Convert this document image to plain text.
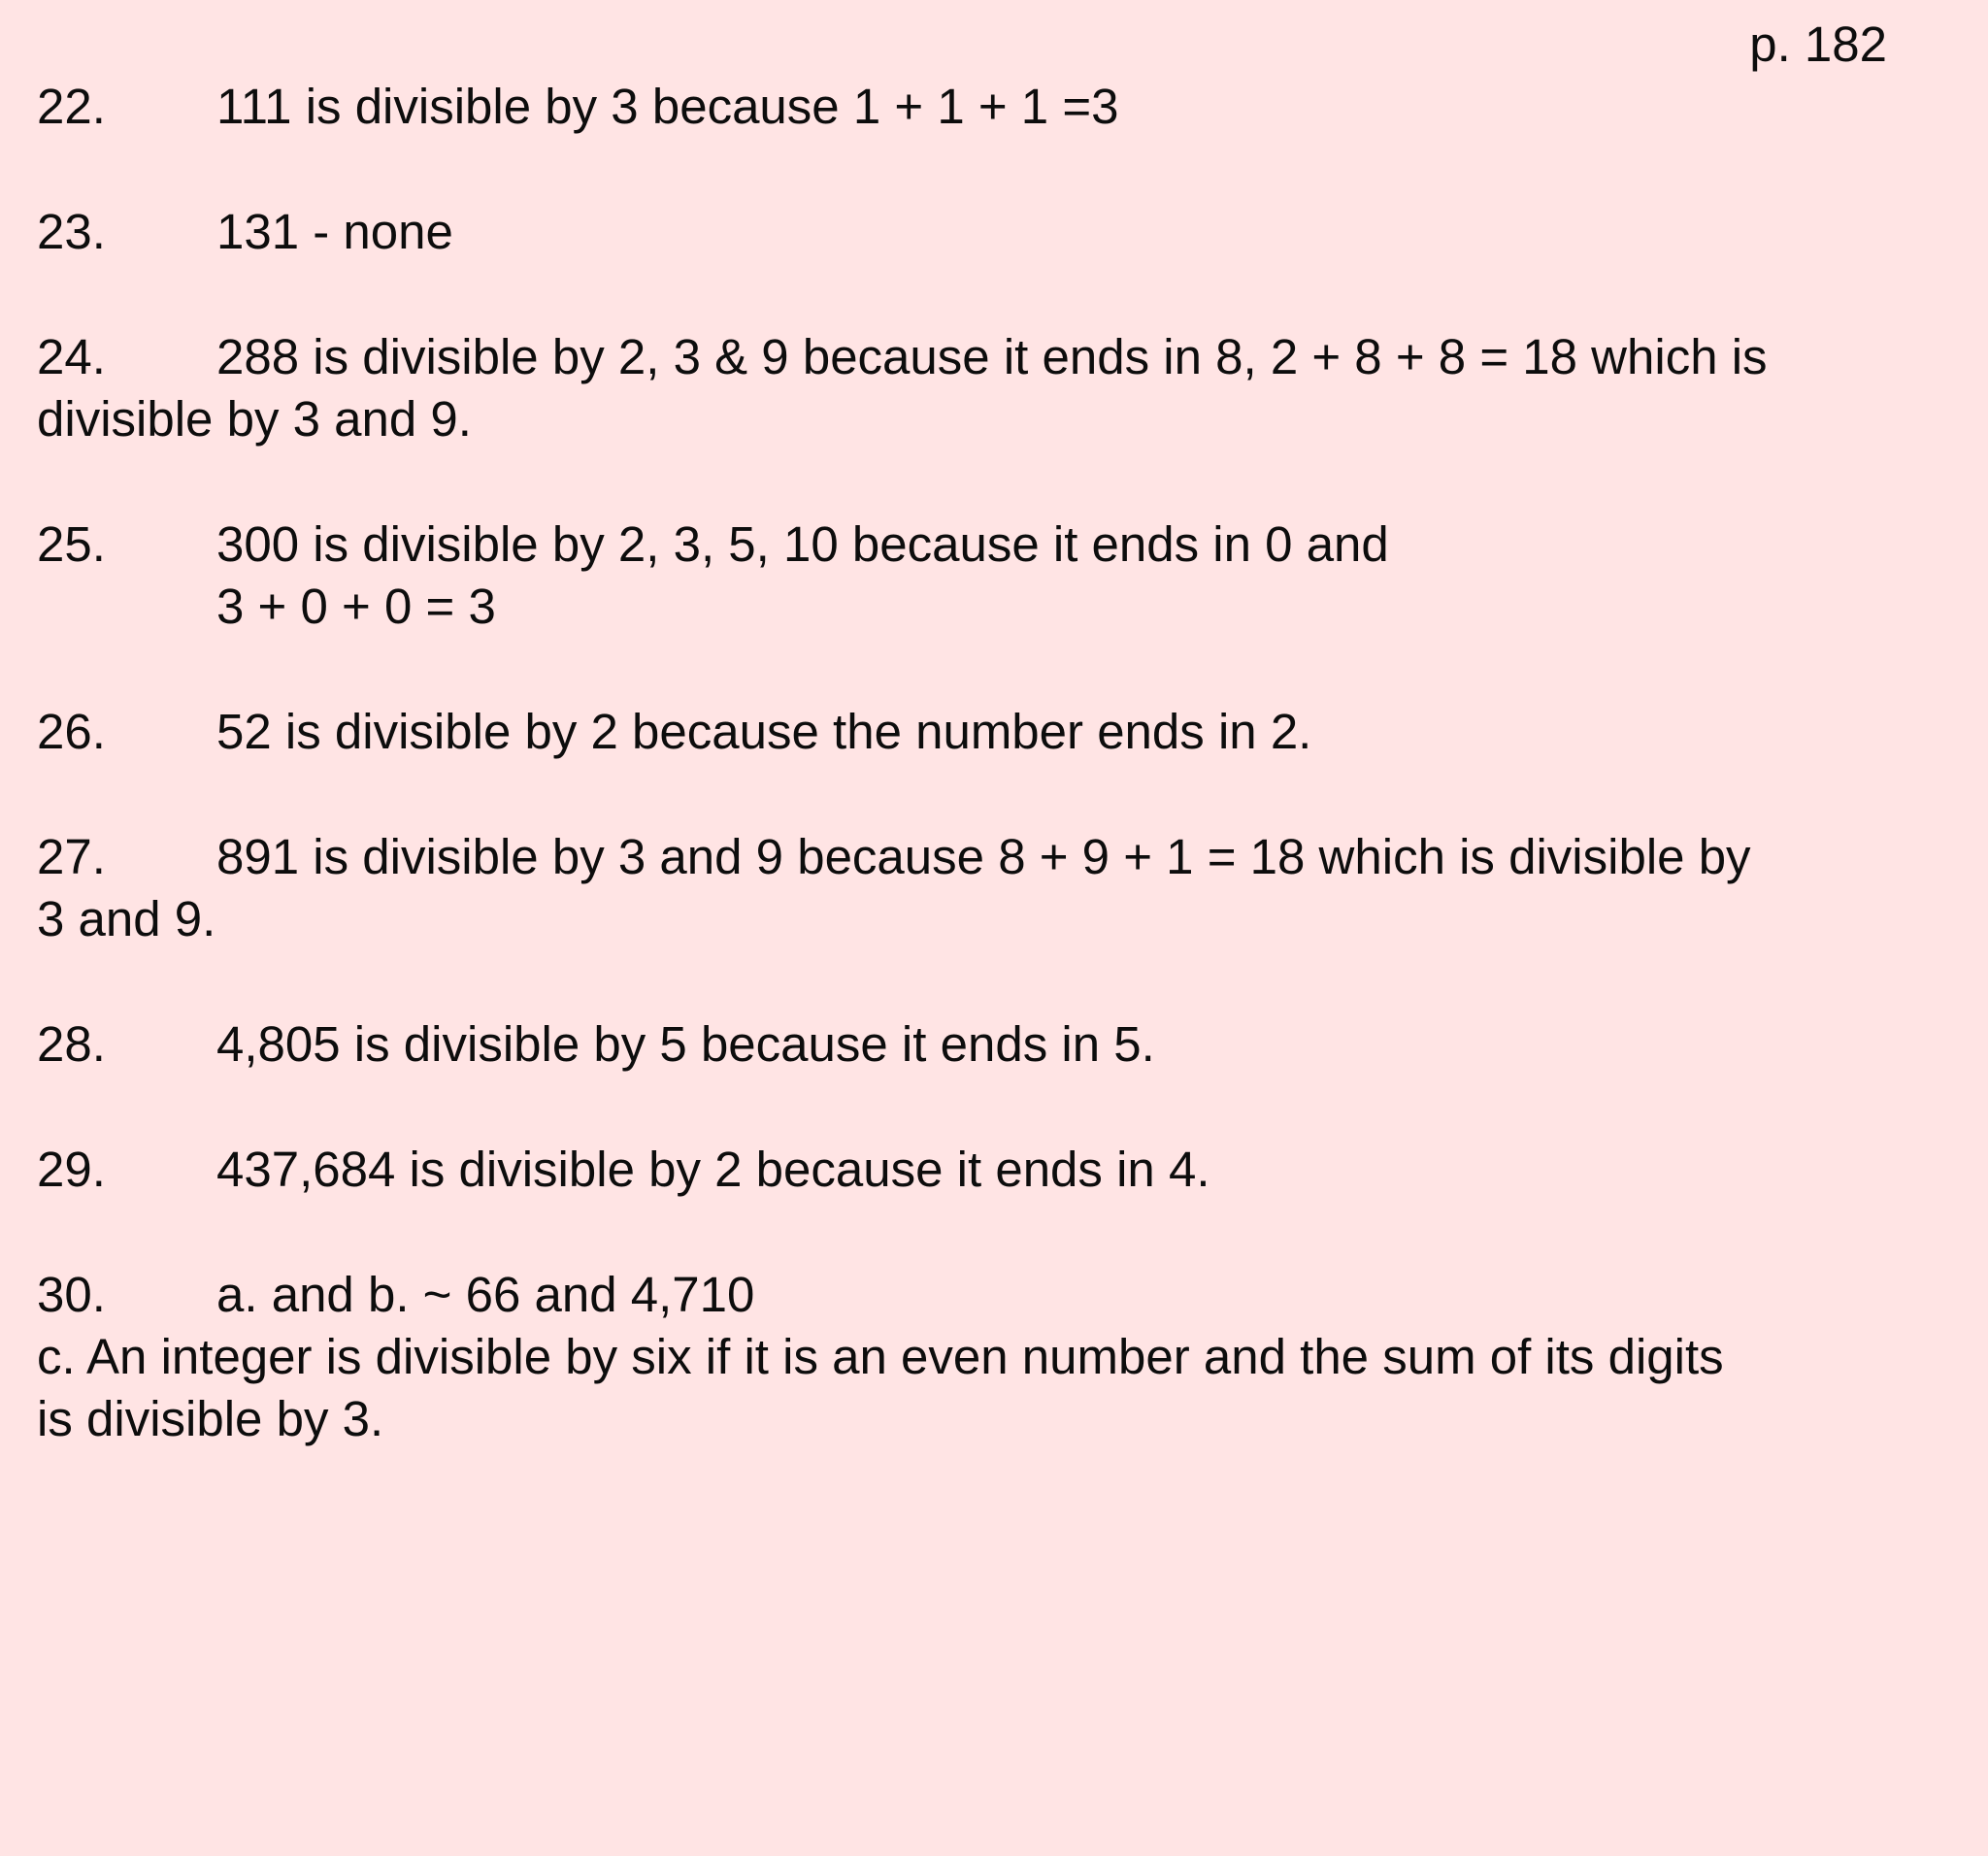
p. 182
22. 111 is divisible by 3 because 1 + 1 + 1 =3
23. 131 - none
24. 288 is divisible by 2, 3 & 9 because it ends in 8, 2 + 8 + 8 = 18 which is
divisible by 3 and 9.
25. 300 is divisible by 2, 3, 5, 10 because it ends in 0 and
3 + 0 + 0 = 3
26. 52 is divisible by 2 because the number ends in 2.
27. 891 is divisible by 3 and 9 because 8 + 9 + 1 = 18 which is divisible by
3 and 9.
28. 4,805 is divisible by 5 because it ends in 5.
29. 437,684 is divisible by 2 because it ends in 4.
30. a. and b. ~ 66 and 4,710
c. An integer is divisible by six if it is an even number and the sum of its digits
is divisible by 3.
